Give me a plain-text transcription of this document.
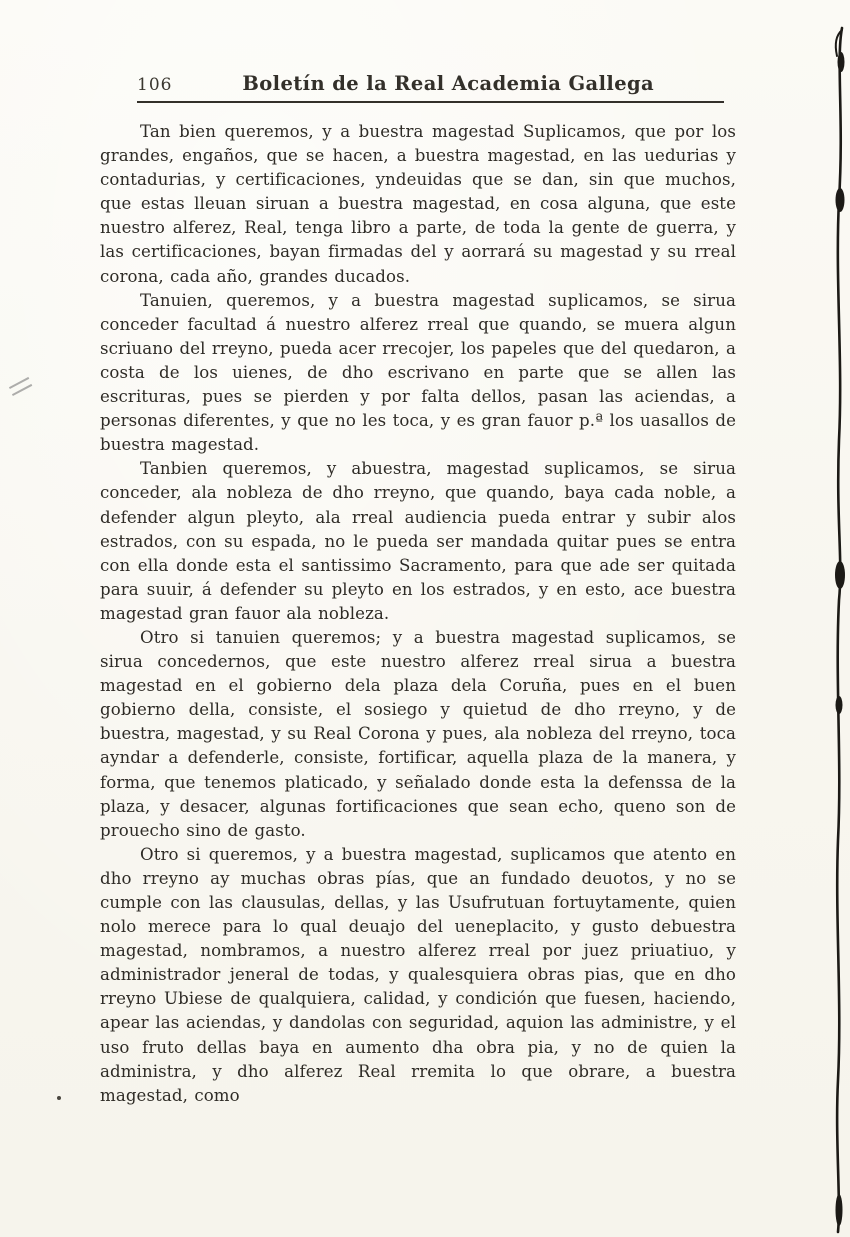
106	Boletín de la Real Academia Gallega

Tan bien queremos, y a buestra magestad Suplicamos, que por los grandes, engaños, que se hacen, a buestra magestad, en las uedurias y contadurias, y certificaciones, yndeuidas que se dan, sin que muchos, que estas lleuan siruan a buestra magestad, en cosa alguna, que este nuestro alferez, Real, tenga libro a parte, de toda la gente de guerra, y las certificaciones, bayan firmadas del y aorrará su magestad y su rreal corona, cada año, grandes ducados.

Tanuien, queremos, y a buestra magestad suplicamos, se sirua conceder facultad á nuestro alferez rreal que quando, se muera algun scriuano del rreyno, pueda acer rrecojer, los papeles que del quedaron, a costa de los uienes, de dho escrivano en parte que se allen las escrituras, pues se pierden y por falta dellos, pasan las aciendas, a personas diferentes, y que no les toca, y es gran fauor p.ª los uasallos de buestra magestad.

Tanbien queremos, y abuestra, magestad suplicamos, se sirua conceder, ala nobleza de dho rreyno, que quando, baya cada noble, a defender algun pleyto, ala rreal audiencia pueda entrar y subir alos estrados, con su espada, no le pueda ser mandada quitar pues se entra con ella donde esta el santissimo Sacramento, para que ade ser quitada para suuir, á defender su pleyto en los estrados, y en esto, ace buestra magestad gran fauor ala nobleza.

Otro si tanuien queremos; y a buestra magestad suplicamos, se sirua concedernos, que este nuestro alferez rreal sirua a buestra magestad en el gobierno dela plaza dela Coruña, pues en el buen gobierno della, consiste, el sosiego y quietud de dho rreyno, y de buestra, magestad, y su Real Corona y pues, ala nobleza del rreyno, toca ayndar a defenderle, consiste, fortificar, aquella plaza de la manera, y forma, que tenemos platicado, y señalado donde esta la defenssa de la plaza, y desacer, algunas fortificaciones que sean echo, queno son de prouecho sino de gasto.

Otro si queremos, y a buestra magestad, suplicamos que atento en dho rreyno ay muchas obras pías, que an fundado deuotos, y no se cumple con las clausulas, dellas, y las Usufrutuan fortuytamente, quien nolo merece para lo qual deuajo del ueneplacito, y gusto debuestra magestad, nombramos, a nuestro alferez rreal por juez priuatiuo, y administrador jeneral de todas, y qualesquiera obras pias, que en dho rreyno Ubiese de qualquiera, calidad, y condición que fuesen, haciendo, apear las aciendas, y dandolas con seguridad, aquion las administre, y el uso fruto dellas baya en aumento dha obra pia, y no de quien la administra, y dho alferez Real rremita lo que obrare, a buestra magestad, como
